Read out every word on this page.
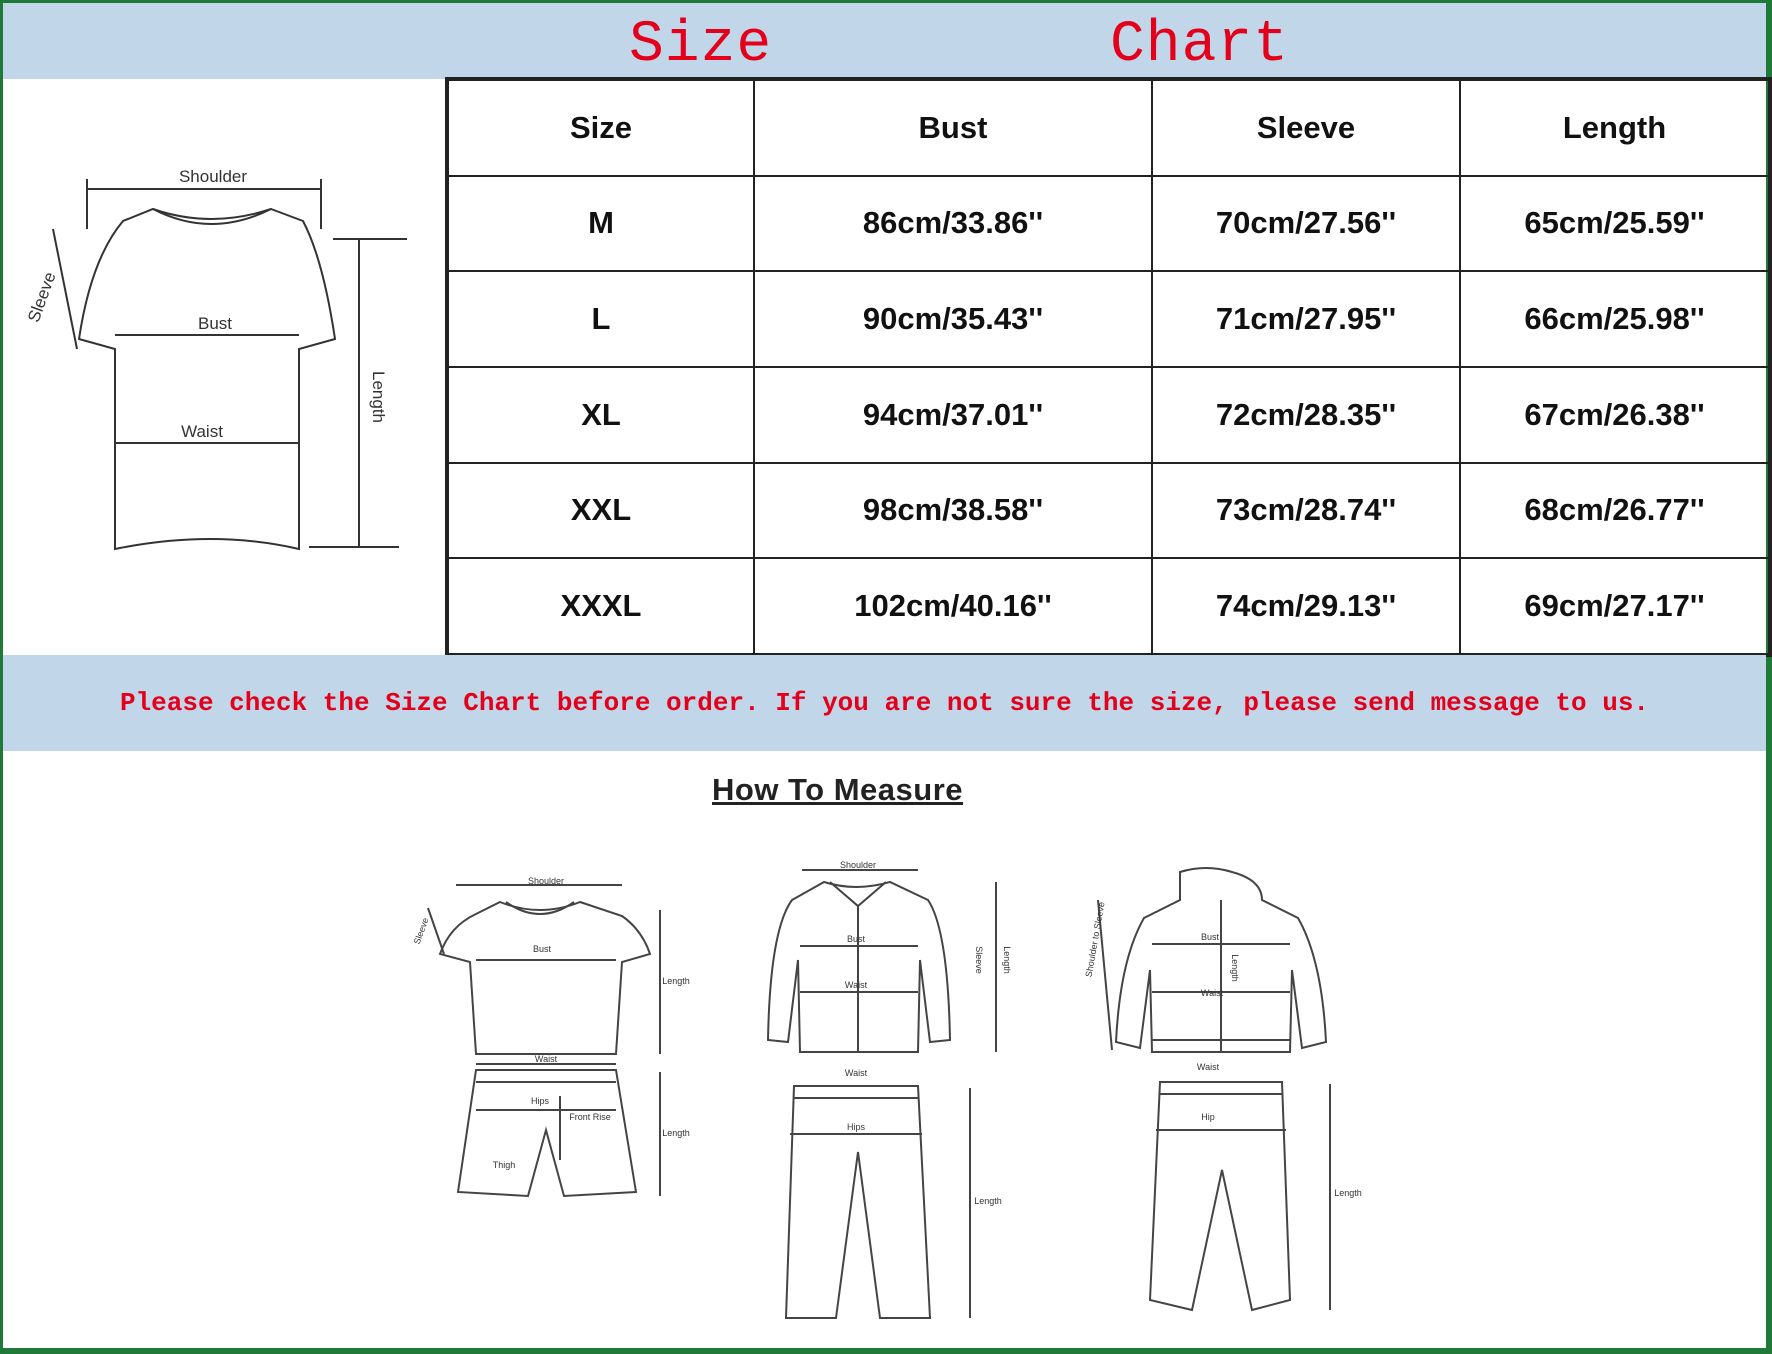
Size	Chart
Shoulder
Sleeve	Bust
Waist
Length
Size	Bust	Sleeve	Length
M	86cm/33.86''	70cm/27.56''	65cm/25.59''
L	90cm/35.43''	71cm/27.95''	66cm/25.98''
XL	94cm/37.01''	72cm/28.35''	67cm/26.38''
XXL	98cm/38.58''	73cm/28.74''	68cm/26.77''
XXXL	102cm/40.16''	74cm/29.13''	69cm/27.17''
Please check the Size Chart before order. If you are not sure the size, please send message to us.
How To Measure
Shoulder
Sleeve
Bust
Length
Waist
Hips
Front Rise
Thigh
Length
Shoulder
Bust
Waist
Sleeve Length
Waist
Hips
Length
Shoulder to Sleeve	Bust
Length
Waist
Waist
Hip
Length
